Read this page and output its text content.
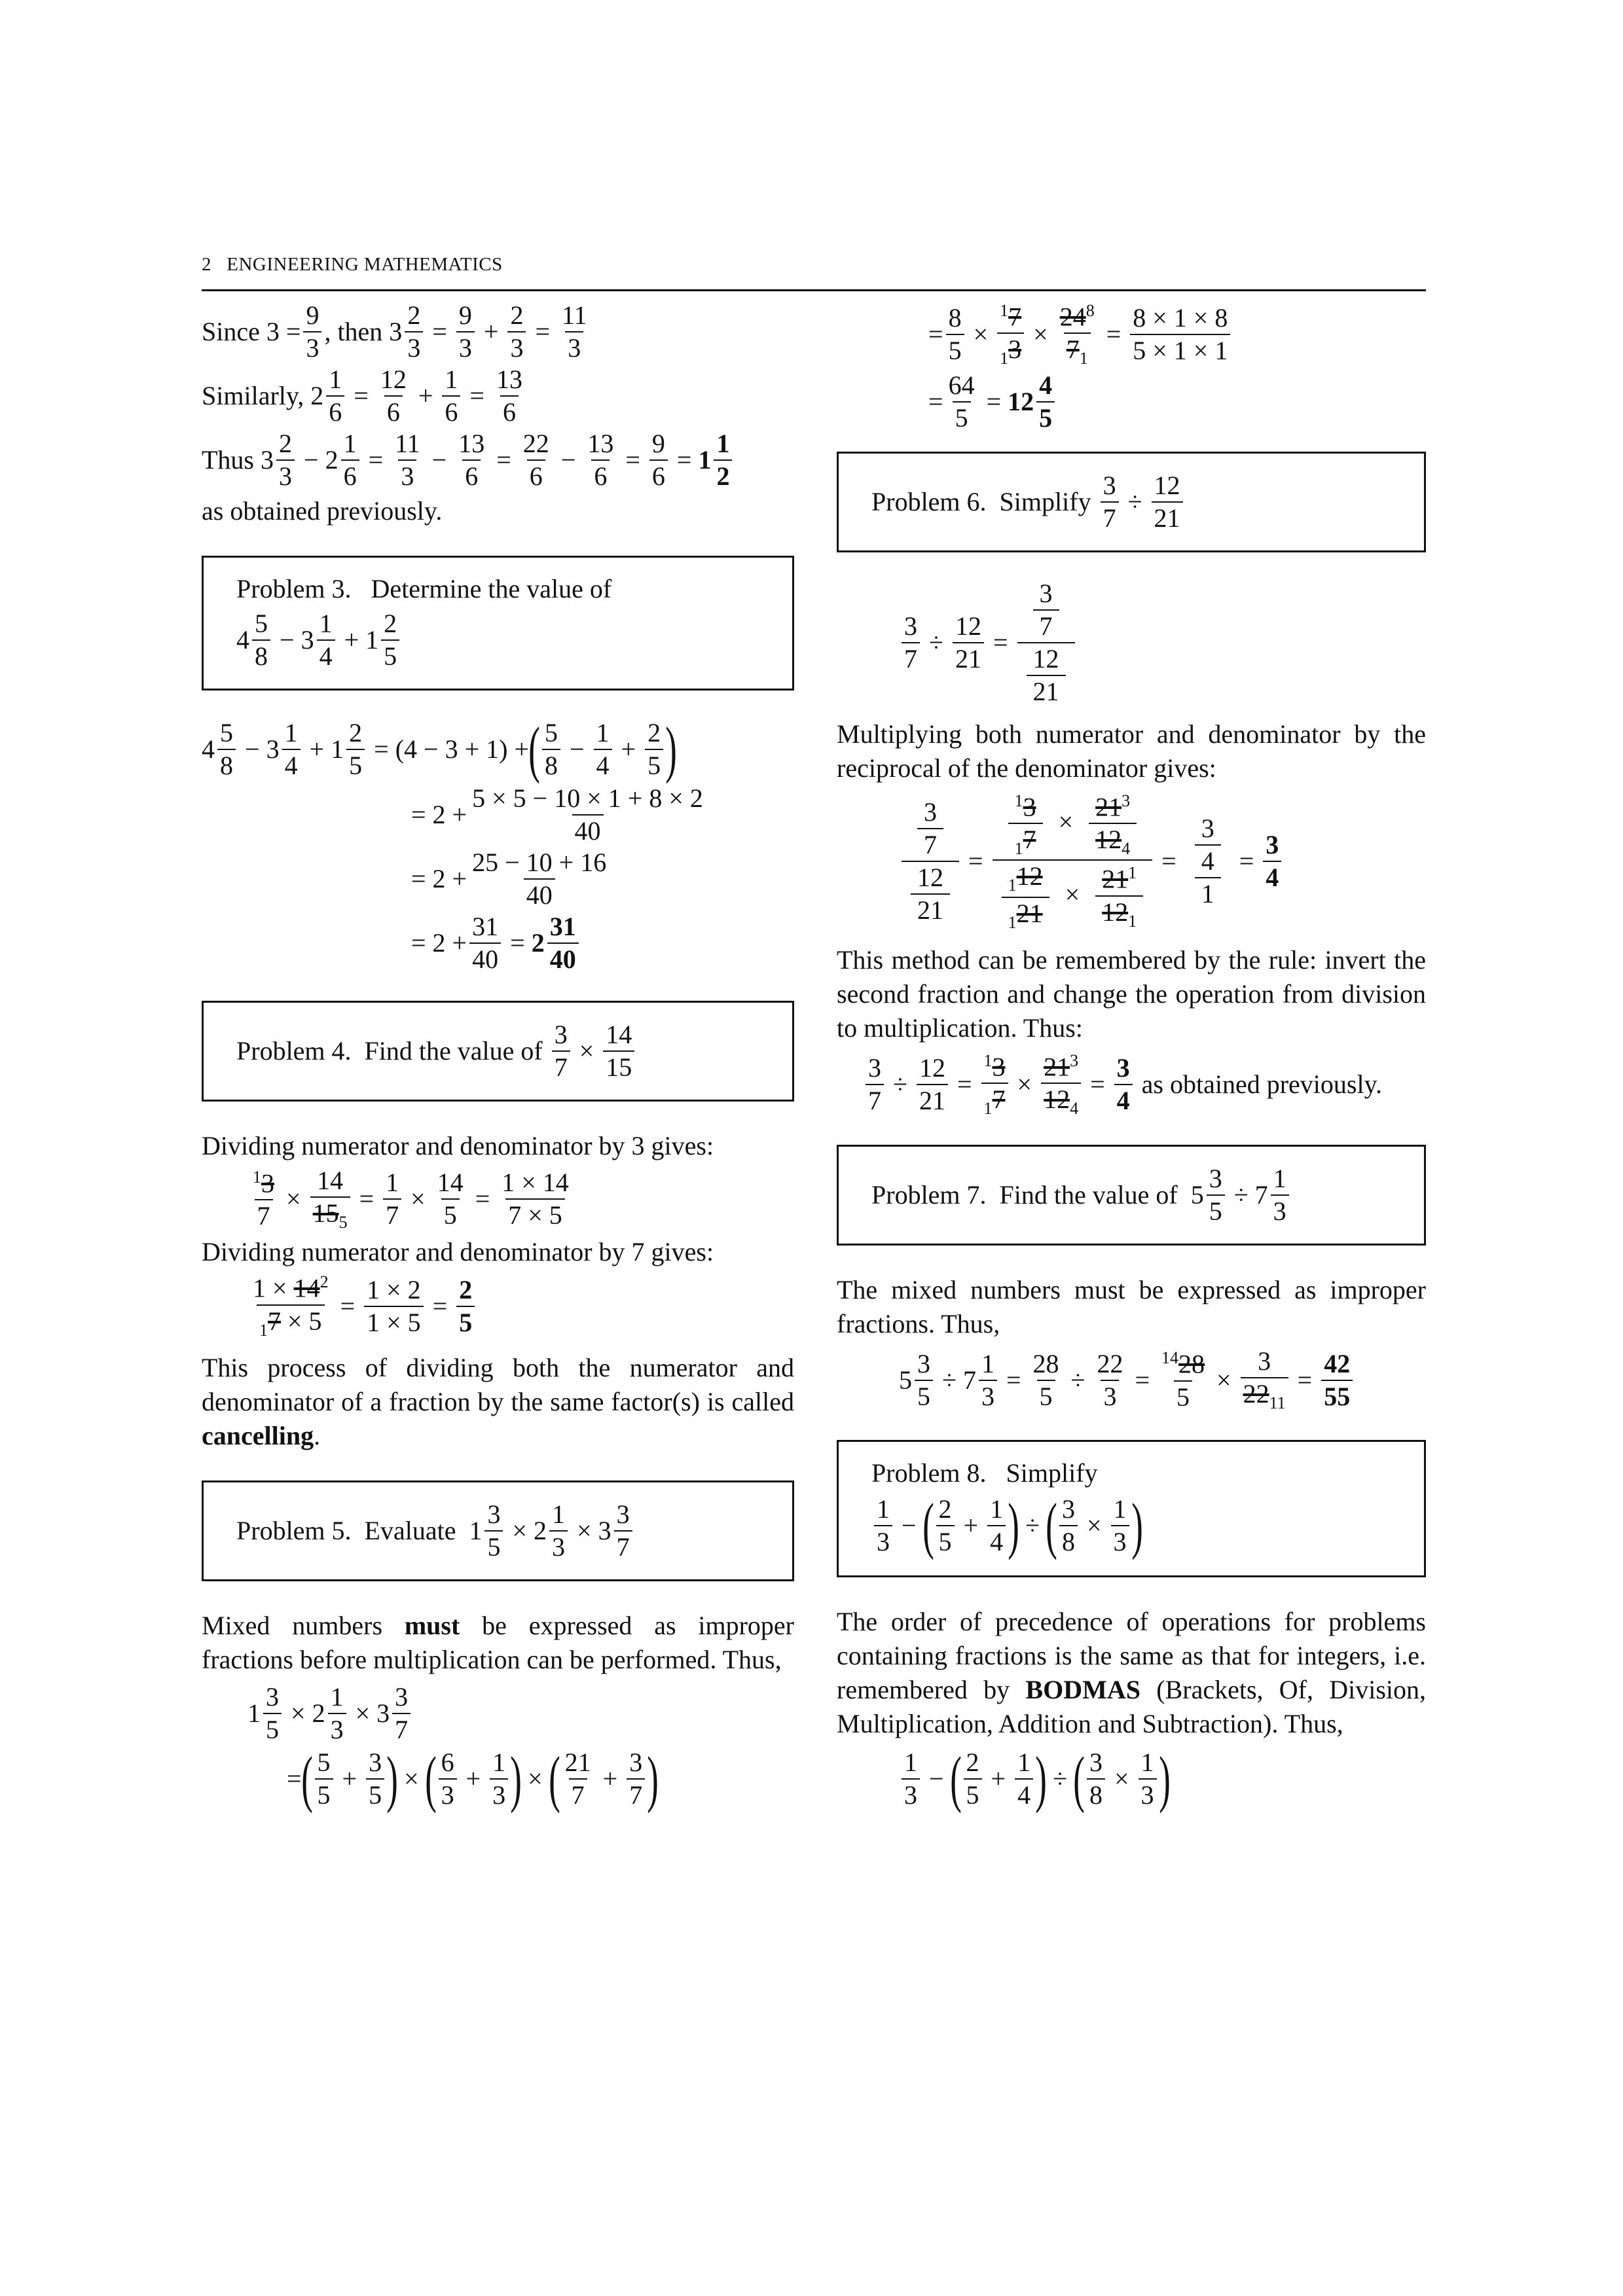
2 ENGINEERING MATHEMATICS
Since $3 = \frac{9}{3}$ , then $3 \frac{2}{3} = \frac{9}{3} + \frac{2}{3} = \frac{11}{3}$
Similarly, $2 \frac{1}{6} = \frac{12}{6} + \frac{1}{6} = \frac{13}{6}$
Thus $3 \frac{2}{3} - 2 \frac{1}{6} = \frac{11}{3} - \frac{13}{6} = \frac{22}{6} - \frac{13}{6} = \frac{9}{6} = 1 \frac{1}{2}$
as obtained previously.
Problem 3. Determine the value of
$4 \frac{5}{8} - 3 \frac{1}{4} + 1 \frac{2}{5}$
$4 \frac{5}{8} - 3 \frac{1}{4} + 1 \frac{2}{5} = (4 - 3 + 1)$ + ( $\frac{5}{8} - \frac{1}{4} + \frac{2}{5}$ )
= $2 + \frac{5 \times 5 - 10 \times 1 + 8 \times 2}{40}$
= $2 + \frac{25 - 10 + 16}{40}$
= $2 + \frac{31}{40} = 2 \frac{31}{40}$
Problem 4.
Find the value of
$\frac{3}{7} \times \frac{14}{15}$
Dividing numerator and denominator by 3 gives:
$\frac{^13}{7} \times \frac{14}{15_5} = \frac{1}{7} \times \frac{14}{5} = \frac{1 \times 14}{7 \times 5}$
Dividing numerator and denominator by 7 gives:
$\frac{1 \times 14^2}{_17 \times 5} = \frac{1 \times 2}{1 \times 5} = \frac{2}{5}$
This process of dividing both the numerator and denominator of a fraction by the same factor(s) is called cancelling.
Problem 5.
Evaluate $1 \frac{3}{5} \times 2 \frac{1}{3} \times 3 \frac{3}{7}$
Mixed numbers must be expressed as improper fractions before multiplication can be performed. Thus,
$1 \frac{3}{5} \times 2 \frac{1}{3} \times 3 \frac{3}{7}$
= ( $\frac{5}{5} + \frac{3}{5}$ ) × ( $\frac{6}{3} + \frac{1}{3}$ ) × ( $\frac{21}{7} + \frac{3}{7}$ )
= $\frac{8}{5} \times \frac{^17}{_13} \times \frac{24^8}{7_1} = \frac{8 \times 1 \times 8}{5 \times 1 \times 1}$
= $\frac{64}{5} = 12 \frac{4}{5}$
Problem 6.
Simplify
$\frac{3}{7} \div \frac{12}{21}$
$\frac{3}{7} \div \frac{12}{21} = \frac{\frac{3}{7}}{\frac{12}{21}}$
Multiplying both numerator and denominator by the reciprocal of the denominator gives:
$\frac{\frac{3}{7}}{\frac{12}{21}} = \frac{\frac{^13}{_17} \times \frac{21^3}{12_4}}{\frac{_112}{_121} \times \frac{21^1}{12_1}} = \frac{\frac{3}{4}}{1} = \frac{3}{4}$
This method can be remembered by the rule: invert the second fraction and change the operation from division to multiplication. Thus:
$\frac{3}{7} \div \frac{12}{21} = \frac{^13}{_17} \times \frac{21^3}{12_4} = \frac{3}{4}$
as obtained previously.
Problem 7.
Find the value of $5 \frac{3}{5} \div 7 \frac{1}{3}$
The mixed numbers must be expressed as improper fractions. Thus,
$5 \frac{3}{5} \div 7 \frac{1}{3} = \frac{28}{5} \div \frac{22}{3} = \frac{^{14}28}{5} \times \frac{3}{22_{11}} = \frac{42}{55}$
Problem 8. Simplify
$\frac{1}{3}$ − ( $\frac{2}{5} + \frac{1}{4}$ ) ÷ ( $\frac{3}{8} \times \frac{1}{3}$ )
The order of precedence of operations for problems containing fractions is the same as that for integers, i.e. remembered by BODMAS (Brackets, Of, Division, Multiplication, Addition and Subtraction). Thus,
$\frac{1}{3}$ − ( $\frac{2}{5} + \frac{1}{4}$ ) ÷ ( $\frac{3}{8} \times \frac{1}{3}$ )
